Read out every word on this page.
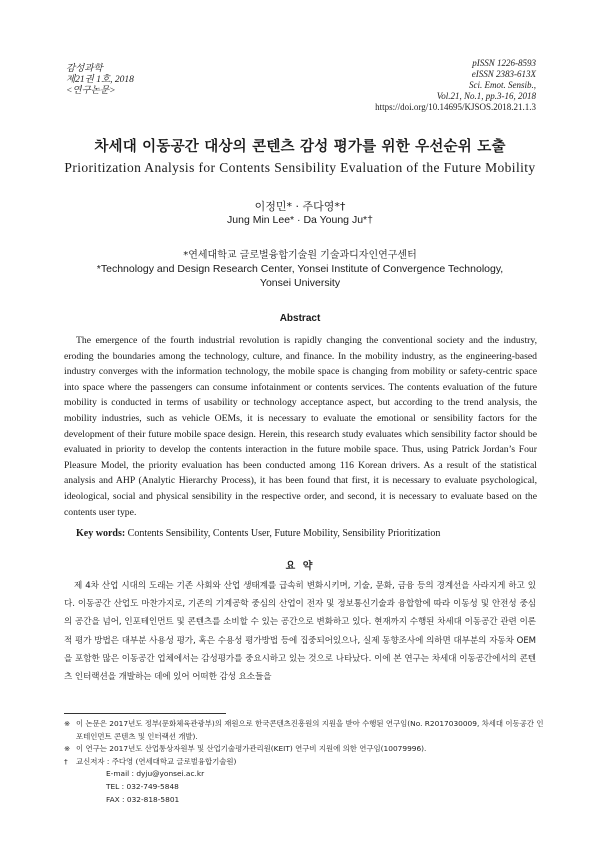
감성과학
제21권 1호, 2018
<연구논문>
pISSN 1226-8593
eISSN 2383-613X
Sci. Emot. Sensib.,
Vol.21, No.1, pp.3-16, 2018
https://doi.org/10.14695/KJSOS.2018.21.1.3
차세대 이동공간 대상의 콘텐츠 감성 평가를 위한 우선순위 도출
Prioritization Analysis for Contents Sensibility Evaluation of the Future Mobility
이정민* · 주다영*†
Jung Min Lee* · Da Young Ju*†
*연세대학교 글로벌융합기술원 기술과디자인연구센터
*Technology and Design Research Center, Yonsei Institute of Convergence Technology,
Yonsei University
Abstract

The emergence of the fourth industrial revolution is rapidly changing the conventional society and the industry, eroding the boundaries among the technology, culture, and finance. In the mobility industry, as the engineering-based industry converges with the information technology, the mobile space is changing from mobility or safety-centric space into space where the passengers can consume infotainment or contents services. The contents evaluation of the future mobility is conducted in terms of usability or technology acceptance aspect, but according to the trend analysis, the mobility industries, such as vehicle OEMs, it is necessary to evaluate the emotional or sensibility factors for the development of their future mobile space design. Herein, this research study evaluates which sensibility factor should be evaluated in priority to develop the contents interaction in the future mobile space. Thus, using Patrick Jordan’s Four Pleasure Model, the priority evaluation has been conducted among 116 Korean drivers. As a result of the statistical analysis and AHP (Analytic Hierarchy Process), it has been found that first, it is necessary to evaluate psychological, ideological, social and physical sensibility in the respective order, and second, it is necessary to evaluate based on the contents user type.

Key words: Contents Sensibility, Contents User, Future Mobility, Sensibility Prioritization
요 약

제 4차 산업 시대의 도래는 기존 사회와 산업 생태계를 급속히 변화시키며, 기술, 문화, 금융 등의 경계선을 사라지게 하고 있다. 이동공간 산업도 마찬가지로, 기존의 기계공학 중심의 산업이 전자 및 정보통신기술과 융합함에 따라 이동성 및 안전성 중심의 공간을 넘어, 인포테인먼트 및 콘텐츠를 소비할 수 있는 공간으로 변화하고 있다. 현재까지 수행된 차세대 이동공간 관련 이론적 평가 방법은 대부분 사용성 평가, 혹은 수용성 평가방법 등에 집중되어있으나, 실제 동향조사에 의하면 대부분의 자동차 OEM을 포함한 많은 이동공간 업체에서는 감성평가를 중요시하고 있는 것으로 나타났다. 이에 본 연구는 차세대 이동공간에서의 콘텐츠 인터랙션을 개발하는 데에 있어 어떠한 감성 요소들을

※ 이 논문은 2017년도 정부(문화체육관광부)의 재원으로 한국콘텐츠진흥원의 지원을 받아 수행된 연구임(No. R2017030009, 차세대 이동공간 인포테인먼트 콘텐츠 및 인터랙션 개발).
※ 이 연구는 2017년도 산업통상자원부 및 산업기술평가관리원(KEIT) 연구비 지원에 의한 연구임(10079996).
† 교신저자 : 주다영 (연세대학교 글로벌융합기술원)
E-mail : dyju@yonsei.ac.kr
TEL : 032-749-5848
FAX : 032-818-5801
